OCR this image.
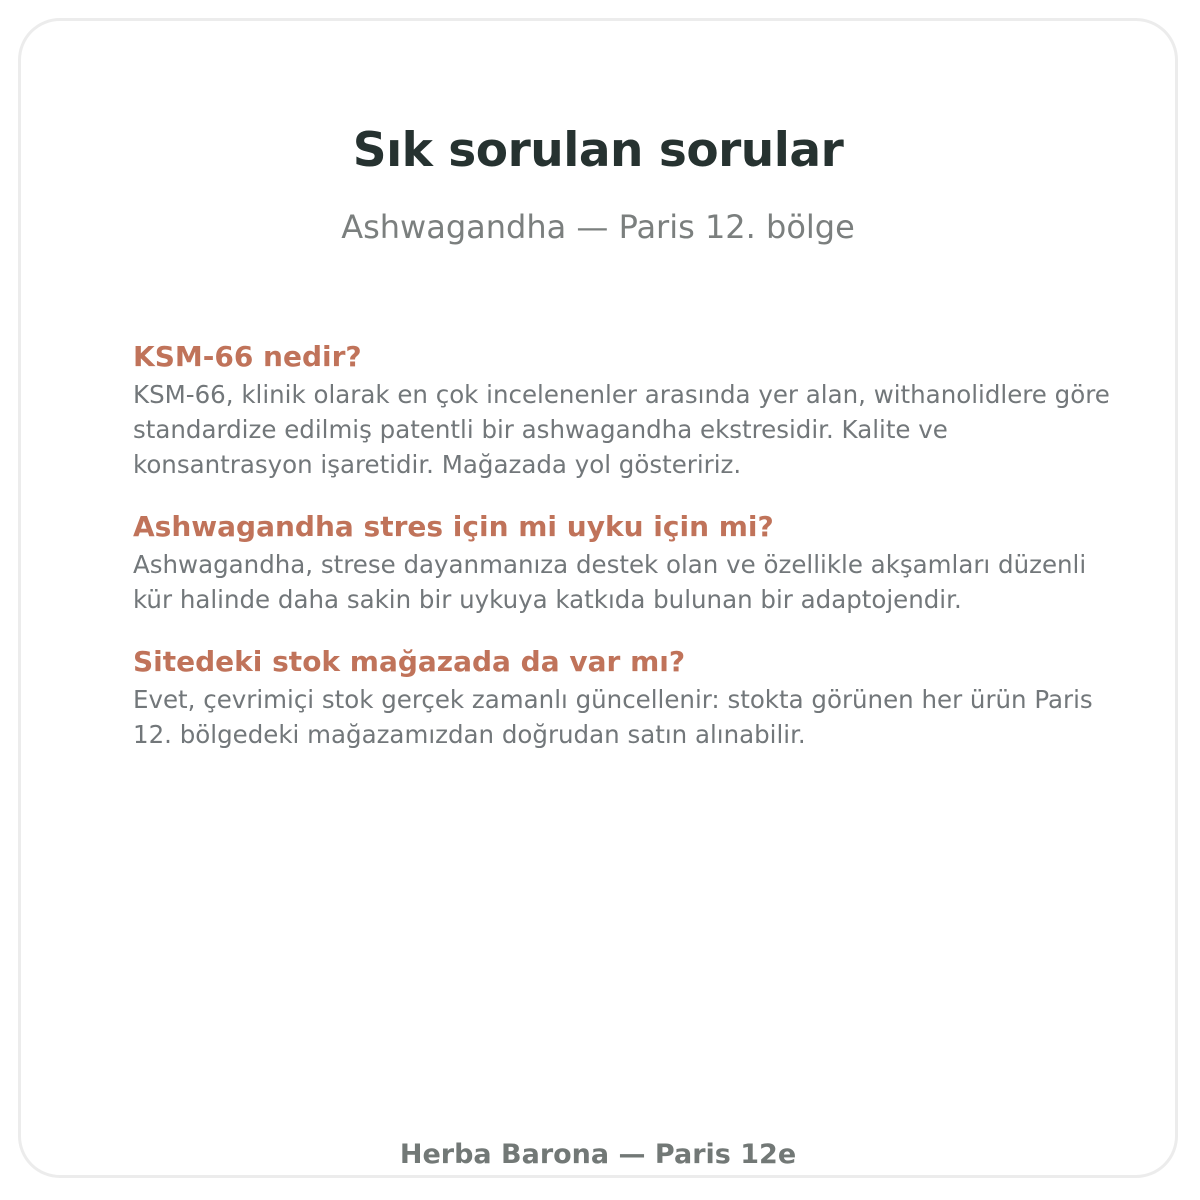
Sık sorulan sorular

Ashwagandha — Paris 12. bölge

KSM-66 nedir?

KSM-66, klinik olarak en çok incelenenler arasında yer alan, withanolidlere göre standardize edilmiş patentli bir ashwagandha ekstresidir. Kalite ve konsantrasyon işaretidir. Mağazada yol gösteririz.

Ashwagandha stres için mi uyku için mi?

Ashwagandha, strese dayanmanıza destek olan ve özellikle akşamları düzenli kür halinde daha sakin bir uykuya katkıda bulunan bir adaptojendir.

Sitedeki stok mağazada da var mı?

Evet, çevrimiçi stok gerçek zamanlı güncellenir: stokta görünen her ürün Paris 12. bölgedeki mağazamızdan doğrudan satın alınabilir.

Herba Barona — Paris 12e
